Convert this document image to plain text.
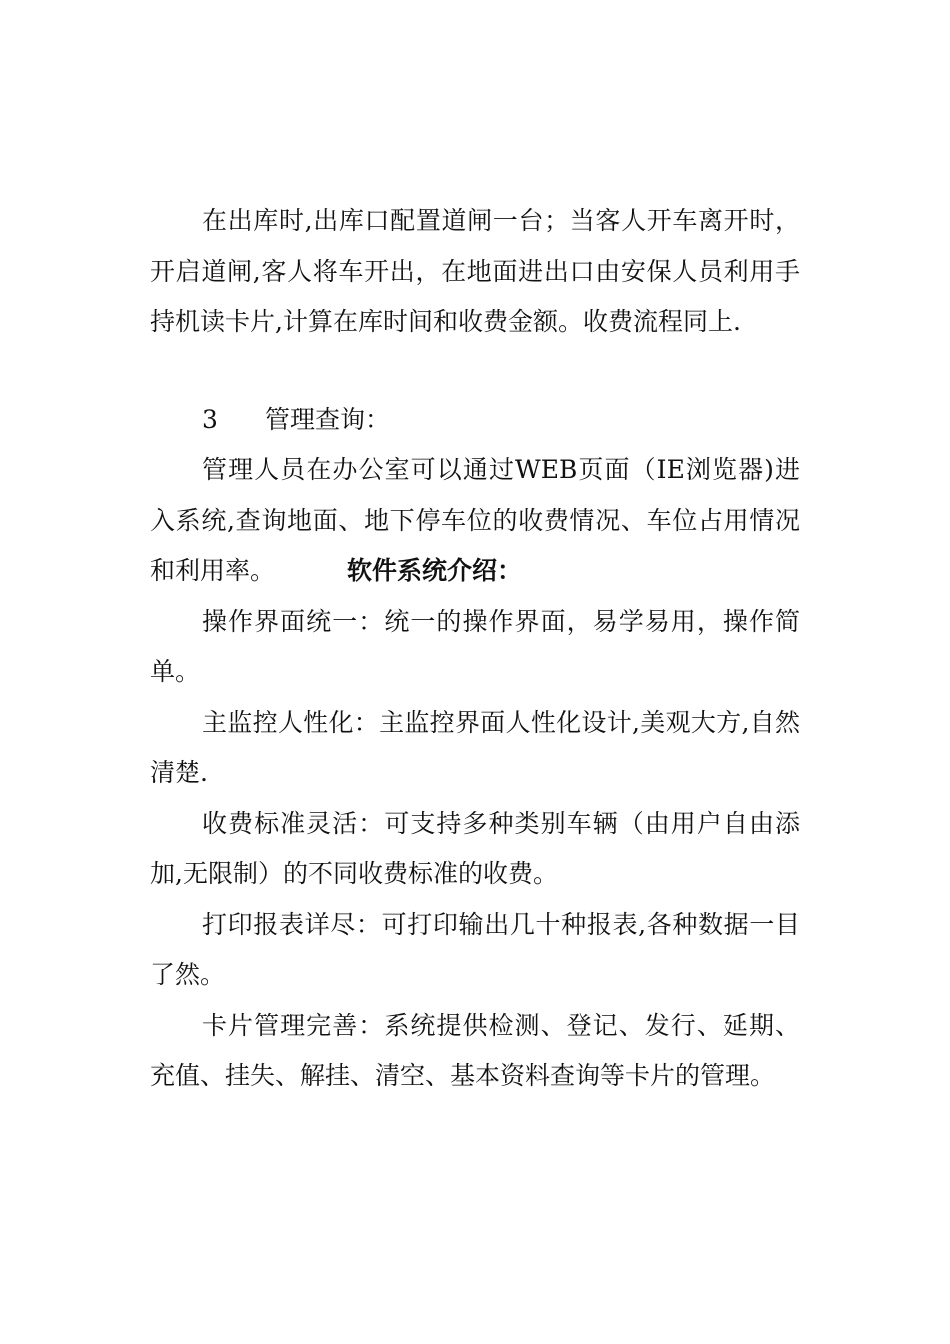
在出库时,出库口配置道闸一台；当客人开车离开时，开启道闸,客人将车开出，在地面进出口由安保人员利用手持机读卡片,计算在库时间和收费金额。收费流程同上.

3 管理查询：

管理人员在办公室可以通过WEB页面（IE浏览器)进入系统,查询地面、地下停车位的收费情况、车位占用情况和利用率。	软件系统介绍：

操作界面统一：统一的操作界面，易学易用，操作简单。

主监控人性化：主监控界面人性化设计,美观大方,自然清楚.

收费标准灵活：可支持多种类别车辆（由用户自由添加,无限制）的不同收费标准的收费。

打印报表详尽：可打印输出几十种报表,各种数据一目了然。

卡片管理完善：系统提供检测、登记、发行、延期、充值、挂失、解挂、清空、基本资料查询等卡片的管理。
